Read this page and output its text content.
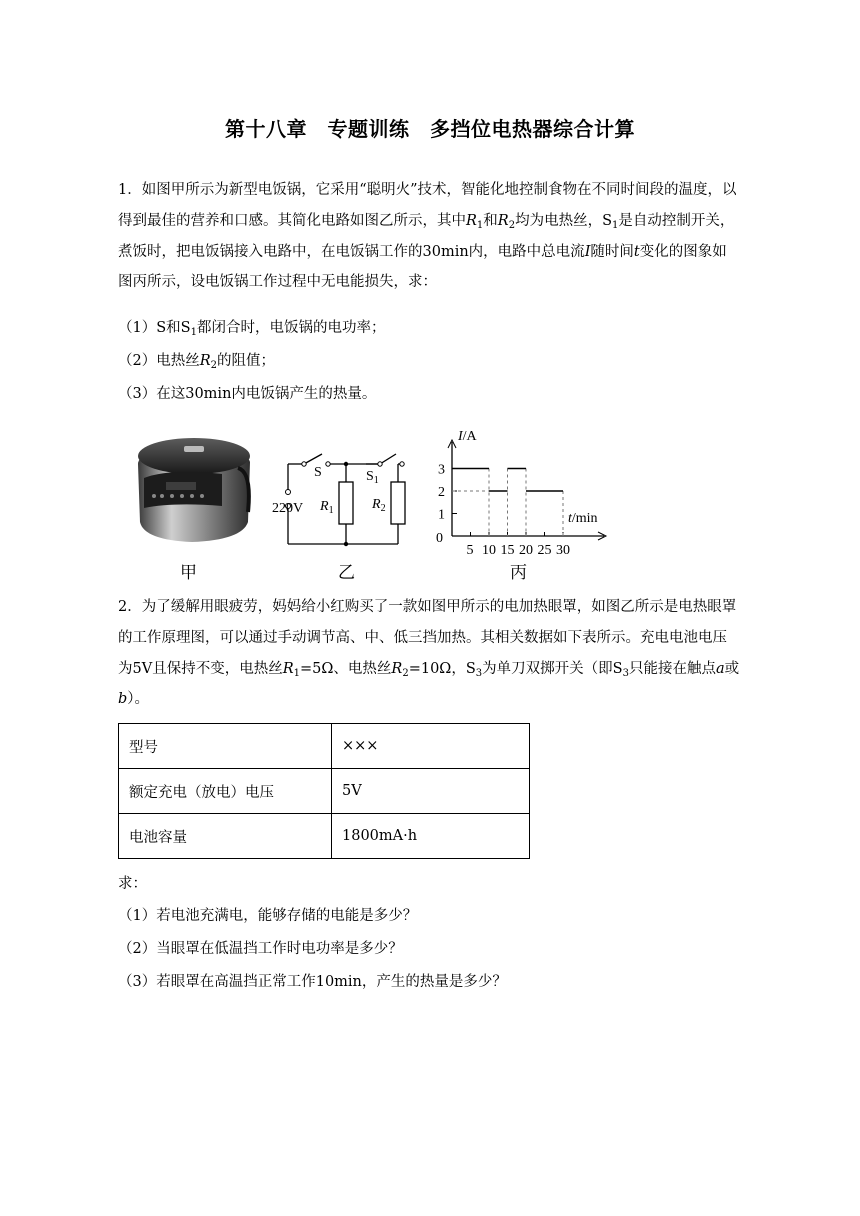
第十八章　专题训练　多挡位电热器综合计算
1．如图甲所示为新型电饭锅，它采用“聪明火”技术，智能化地控制食物在不同时间段的温度，以得到最佳的营养和口感。其简化电路如图乙所示，其中$R_1$和$R_2$均为电热丝，$S_1$是自动控制开关，煮饭时，把电饭锅接入电路中，在电饭锅工作的30min内，电路中总电流I随时间t变化的图象如图丙所示，设电饭锅工作过程中无电能损失，求：
（1）S和$S_1$都闭合时，电饭锅的电功率；
（2）电热丝$R_2$的阻值；
（3）在这30min内电饭锅产生的热量。
S	$S_1$
220V $R_1$	$R_2$
3
2
1
0
5 10 15 20 25 30
I/A
t/min
甲	乙	丙
2．为了缓解用眼疲劳，妈妈给小红购买了一款如图甲所示的电加热眼罩，如图乙所示是电热眼罩的工作原理图，可以通过手动调节高、中、低三挡加热。其相关数据如下表所示。充电电池电压为5V且保持不变，电热丝$R_1=5\Omega$、电热丝$R_2=10\Omega$，$S_3$为单刀双掷开关（即$S_3$只能接在触点a或b）。
型号	×××
额定充电（放电）电压	5V
电池容量	1800mA·h
求：
（1）若电池充满电，能够存储的电能是多少？
（2）当眼罩在低温挡工作时电功率是多少？
（3）若眼罩在高温挡正常工作10min，产生的热量是多少？
